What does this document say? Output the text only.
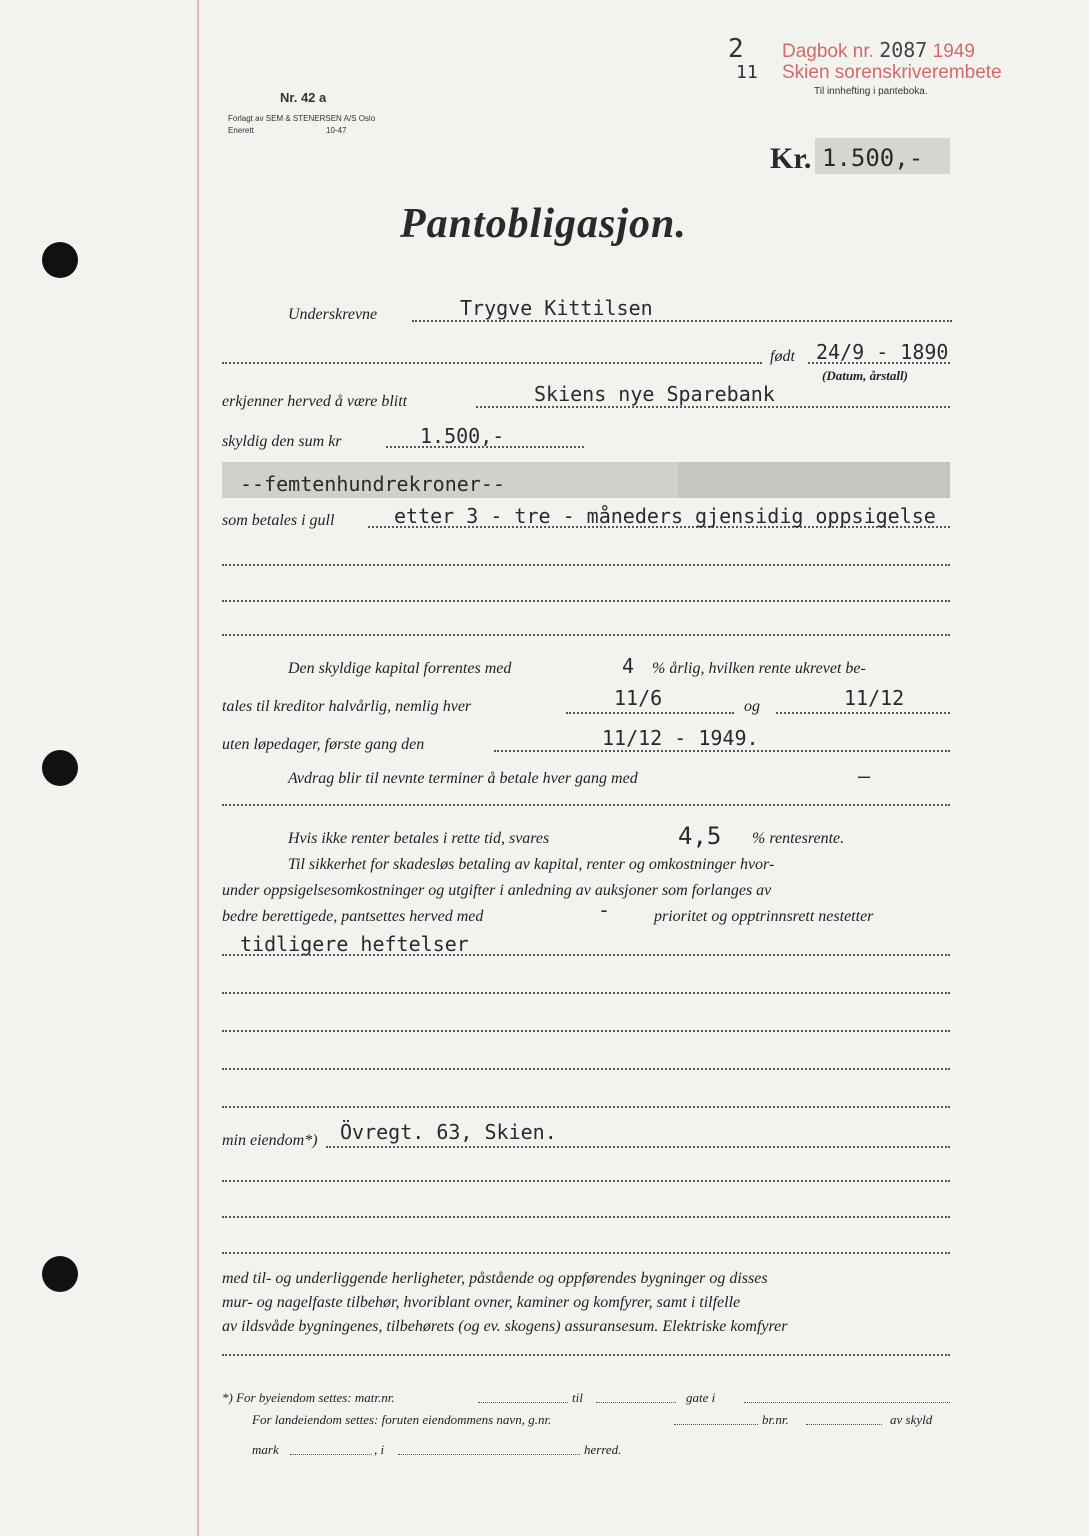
2
11
Dagbok nr. 2087 1949
Skien sorenskriverembete
Til innhefting i panteboka.
Nr. 42 a
Forlagt av SEM & STENERSEN A/S Oslo
Enerett	10-47
Kr. 1.500,-
Pantobligasjon.
Underskrevne	Trygve Kittilsen
født 24/9 - 1890
(Datum, årstall)
erkjenner herved å være blitt	Skiens nye Sparebank
skyldig den sum kr	1.500,-
--femtenhundrekroner--
som betales i gull	etter 3 - tre - måneders gjensidig oppsigelse
Den skyldige kapital forrentes med	4 % årlig, hvilken rente ukrevet be-
tales til kreditor halvårlig, nemlig hver	11/6	og	11/12
uten løpedager, første gang den	11/12 - 1949.
Avdrag blir til nevnte terminer å betale hver gang med	—
Hvis ikke renter betales i rette tid, svares	4,5 % rentesrente.
Til sikkerhet for skadesløs betaling av kapital, renter og omkostninger hvor-
under oppsigelsesomkostninger og utgifter i anledning av auksjoner som forlanges av
bedre berettigede, pantsettes herved med	-	prioritet og opptrinnsrett nestetter
tidligere heftelser
min eiendom*) Övregt. 63, Skien.
med til- og underliggende herligheter, påstående og oppførendes bygninger og disses
mur- og nagelfaste tilbehør, hvoriblant ovner, kaminer og komfyrer, samt i tilfelle
av ildsvåde bygningenes, tilbehørets (og ev. skogens) assuransesum. Elektriske komfyrer
*) For byeiendom settes: matr.nr.	til	gate i
For landeiendom settes: foruten eiendommens navn, g.nr.	br.nr.	av skyld
mark	, i	herred.
